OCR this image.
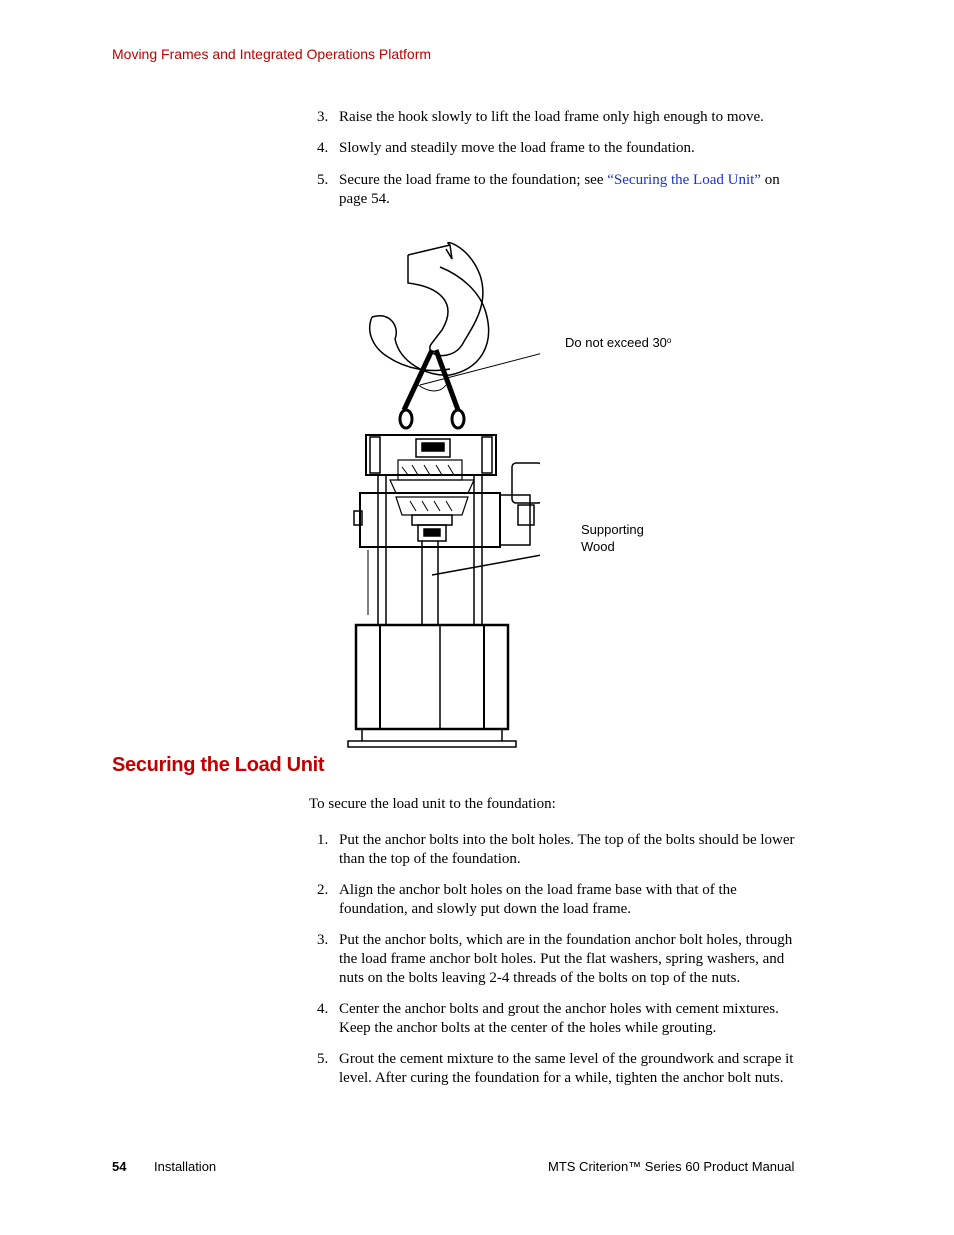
Moving Frames and Integrated Operations Platform
3. Raise the hook slowly to lift the load frame only high enough to move.
4. Slowly and steadily move the load frame to the foundation.
5. Secure the load frame to the foundation; see “Securing the Load Unit” on page 54.
Do not exceed 30$^o$
Supporting
Wood
Securing the Load Unit
To secure the load unit to the foundation:
1. Put the anchor bolts into the bolt holes. The top of the bolts should be lower than the top of the foundation.
2. Align the anchor bolt holes on the load frame base with that of the foundation, and slowly put down the load frame.
3. Put the anchor bolts, which are in the foundation anchor bolt holes, through the load frame anchor bolt holes. Put the flat washers, spring washers, and nuts on the bolts leaving 2-4 threads of the bolts on top of the nuts.
4. Center the anchor bolts and grout the anchor holes with cement mixtures. Keep the anchor bolts at the center of the holes while grouting.
5. Grout the cement mixture to the same level of the groundwork and scrape it level. After curing the foundation for a while, tighten the anchor bolt nuts.
54 Installation	MTS Criterion™ Series 60 Product Manual
